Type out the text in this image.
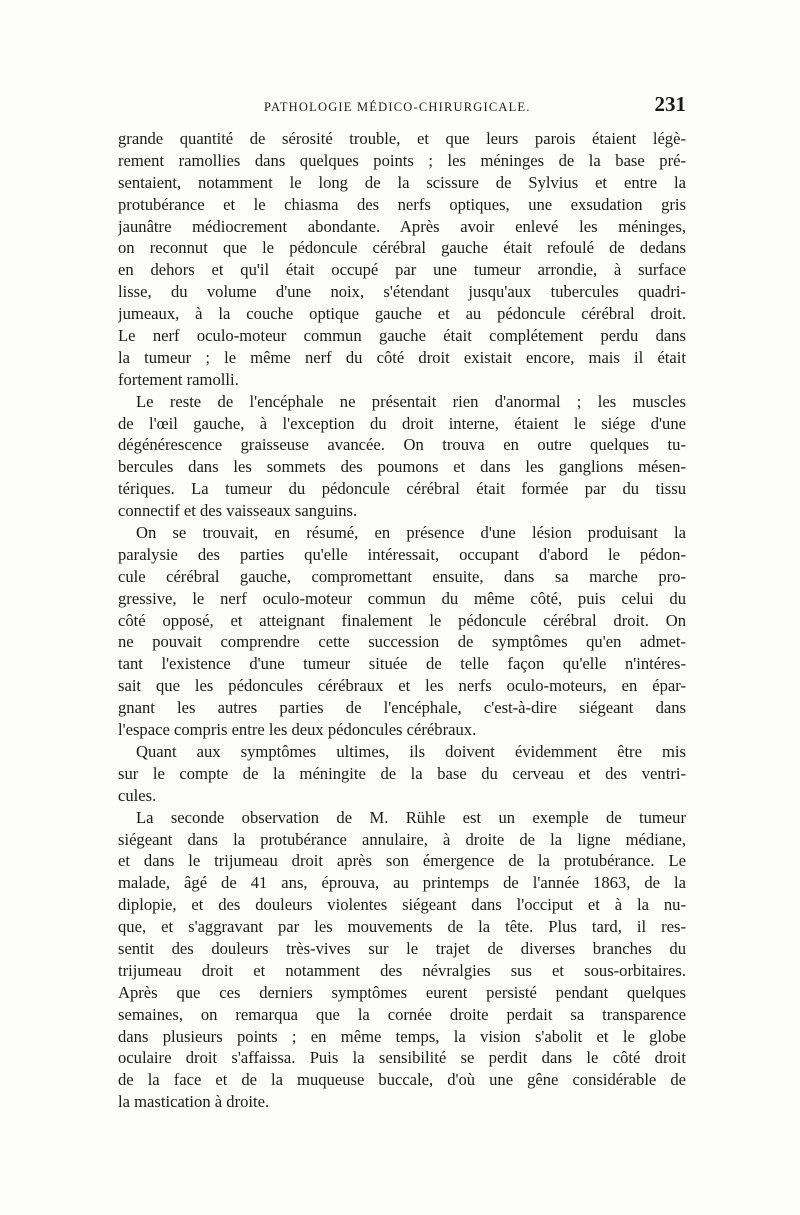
PATHOLOGIE MÉDICO-CHIRURGICALE.	231
grande quantité de sérosité trouble, et que leurs parois étaient légè-
rement ramollies dans quelques points ; les méninges de la base pré-
sentaient, notamment le long de la scissure de Sylvius et entre la
protubérance et le chiasma des nerfs optiques, une exsudation gris
jaunâtre médiocrement abondante. Après avoir enlevé les méninges,
on reconnut que le pédoncule cérébral gauche était refoulé de dedans
en dehors et qu'il était occupé par une tumeur arrondie, à surface
lisse, du volume d'une noix, s'étendant jusqu'aux tubercules quadri-
jumeaux, à la couche optique gauche et au pédoncule cérébral droit.
Le nerf oculo-moteur commun gauche était complétement perdu dans
la tumeur ; le même nerf du côté droit existait encore, mais il était
fortement ramolli.
Le reste de l'encéphale ne présentait rien d'anormal ; les muscles
de l'œil gauche, à l'exception du droit interne, étaient le siége d'une
dégénérescence graisseuse avancée. On trouva en outre quelques tu-
bercules dans les sommets des poumons et dans les ganglions mésen-
tériques. La tumeur du pédoncule cérébral était formée par du tissu
connectif et des vaisseaux sanguins.
On se trouvait, en résumé, en présence d'une lésion produisant la
paralysie des parties qu'elle intéressait, occupant d'abord le pédon-
cule cérébral gauche, compromettant ensuite, dans sa marche pro-
gressive, le nerf oculo-moteur commun du même côté, puis celui du
côté opposé, et atteignant finalement le pédoncule cérébral droit. On
ne pouvait comprendre cette succession de symptômes qu'en admet-
tant l'existence d'une tumeur située de telle façon qu'elle n'intéres-
sait que les pédoncules cérébraux et les nerfs oculo-moteurs, en épar-
gnant les autres parties de l'encéphale, c'est-à-dire siégeant dans
l'espace compris entre les deux pédoncules cérébraux.
Quant aux symptômes ultimes, ils doivent évidemment être mis
sur le compte de la méningite de la base du cerveau et des ventri-
cules.
La seconde observation de M. Rühle est un exemple de tumeur
siégeant dans la protubérance annulaire, à droite de la ligne médiane,
et dans le trijumeau droit après son émergence de la protubérance. Le
malade, âgé de 41 ans, éprouva, au printemps de l'année 1863, de la
diplopie, et des douleurs violentes siégeant dans l'occiput et à la nu-
que, et s'aggravant par les mouvements de la tête. Plus tard, il res-
sentit des douleurs très-vives sur le trajet de diverses branches du
trijumeau droit et notamment des névralgies sus et sous-orbitaires.
Après que ces derniers symptômes eurent persisté pendant quelques
semaines, on remarqua que la cornée droite perdait sa transparence
dans plusieurs points ; en même temps, la vision s'abolit et le globe
oculaire droit s'affaissa. Puis la sensibilité se perdit dans le côté droit
de la face et de la muqueuse buccale, d'où une gêne considérable de
la mastication à droite.
